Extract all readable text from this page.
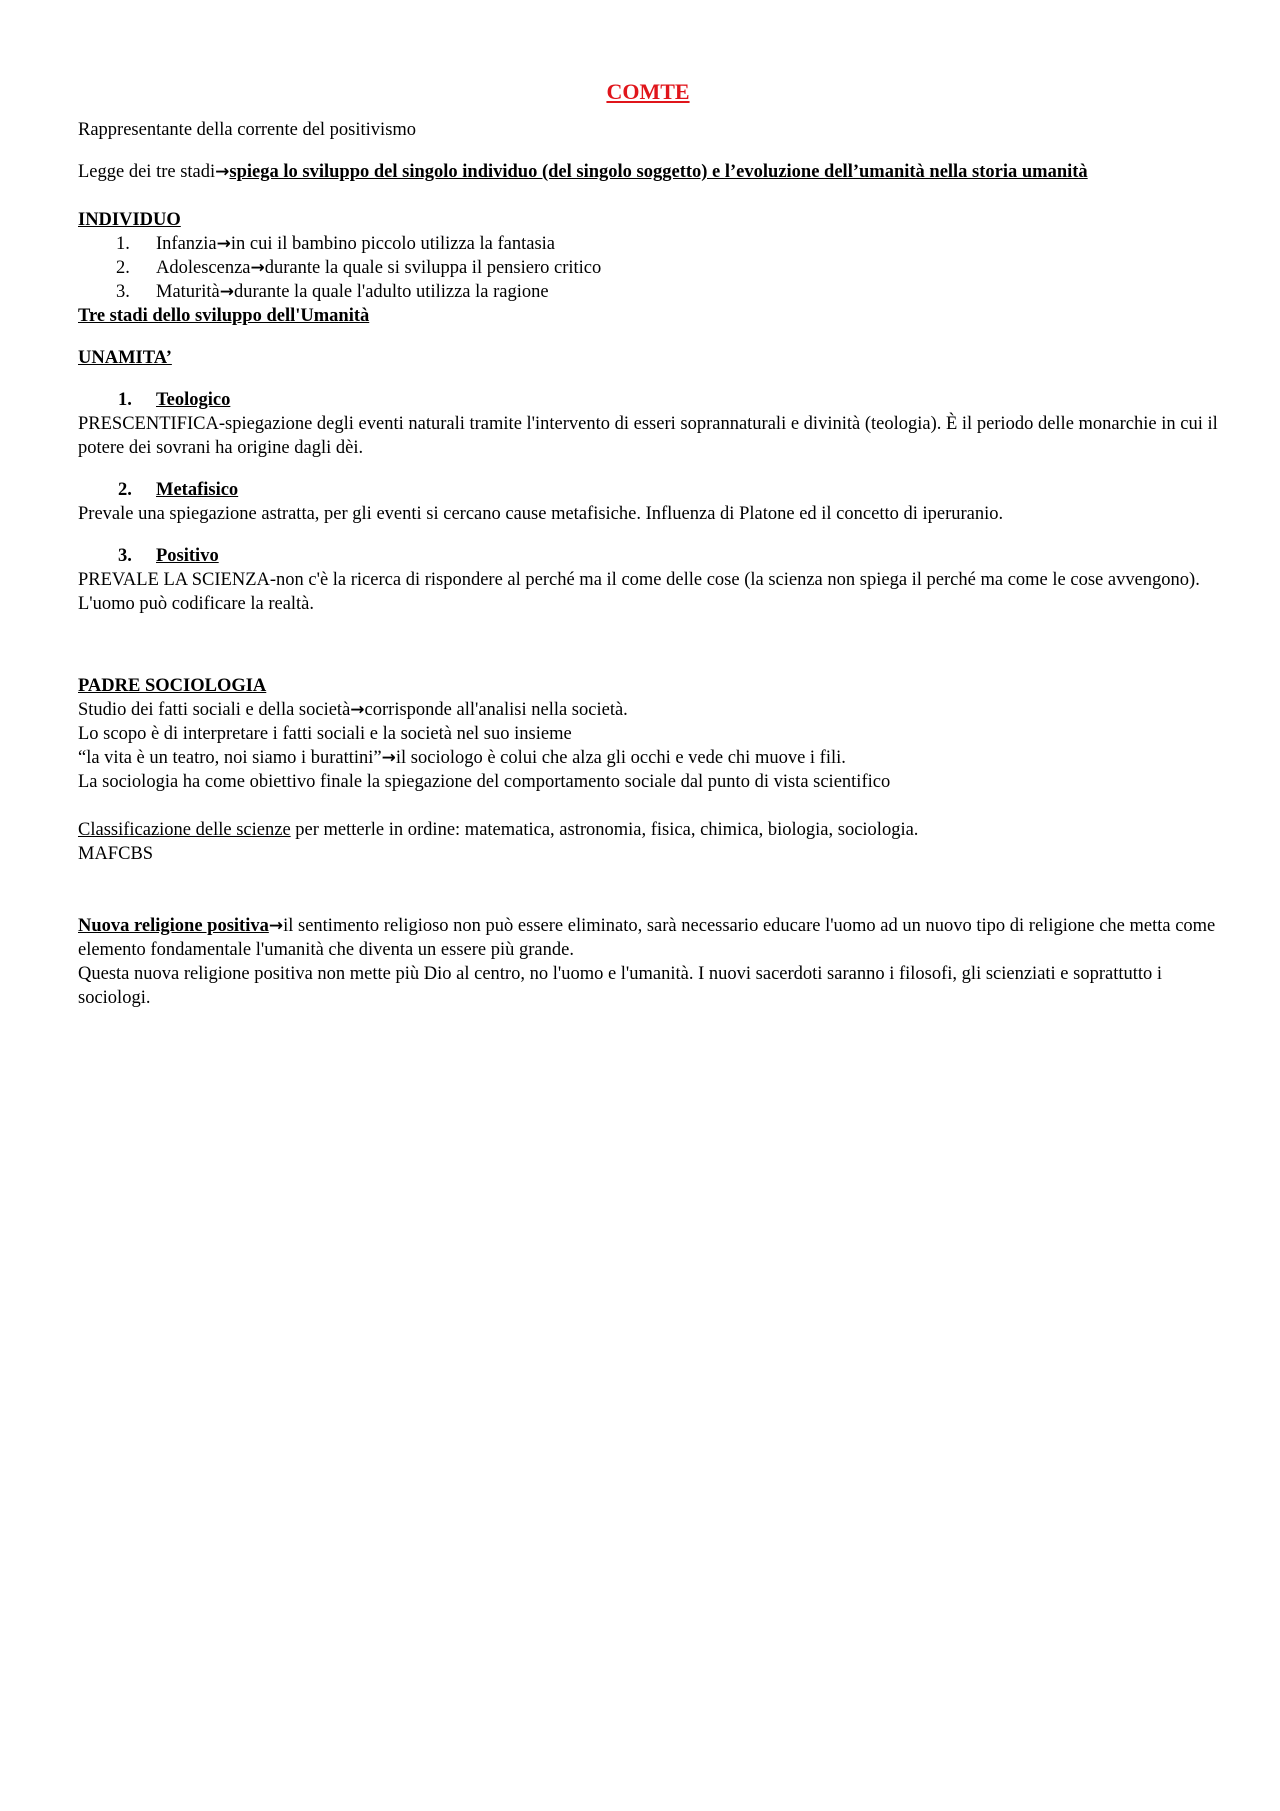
COMTE

Rappresentante della corrente del positivismo

Legge dei tre stadi→spiega lo sviluppo del singolo individuo (del singolo soggetto) e l’evoluzione dell’umanità nella storia umanità

INDIVIDUO

1.	Infanzia→in cui il bambino piccolo utilizza la fantasia
2.	Adolescenza→durante la quale si sviluppa il pensiero critico
3.	Maturità→durante la quale l'adulto utilizza la ragione

Tre stadi dello sviluppo dell'Umanità

UNAMITA’

1. Teologico

PRESCENTIFICA-spiegazione degli eventi naturali tramite l'intervento di esseri soprannaturali e divinità (teologia). È il periodo delle monarchie in cui il potere dei sovrani ha origine dagli dèi.

2. Metafisico

Prevale una spiegazione astratta, per gli eventi si cercano cause metafisiche. Influenza di Platone ed il concetto di iperuranio.

3. Positivo

PREVALE LA SCIENZA-non c'è la ricerca di rispondere al perché ma il come delle cose (la scienza non spiega il perché ma come le cose avvengono). L'uomo può codificare la realtà.

PADRE SOCIOLOGIA

Studio dei fatti sociali e della società→corrisponde all'analisi nella società.

Lo scopo è di interpretare i fatti sociali e la società nel suo insieme

“la vita è un teatro, noi siamo i burattini”→il sociologo è colui che alza gli occhi e vede chi muove i fili.

La sociologia ha come obiettivo finale la spiegazione del comportamento sociale dal punto di vista scientifico

Classificazione delle scienze per metterle in ordine: matematica, astronomia, fisica, chimica, biologia, sociologia.

MAFCBS

Nuova religione positiva→il sentimento religioso non può essere eliminato, sarà necessario educare l'uomo ad un nuovo tipo di religione che metta come elemento fondamentale l'umanità che diventa un essere più grande.

Questa nuova religione positiva non mette più Dio al centro, no l'uomo e l'umanità. I nuovi sacerdoti saranno i filosofi, gli scienziati e soprattutto i sociologi.
